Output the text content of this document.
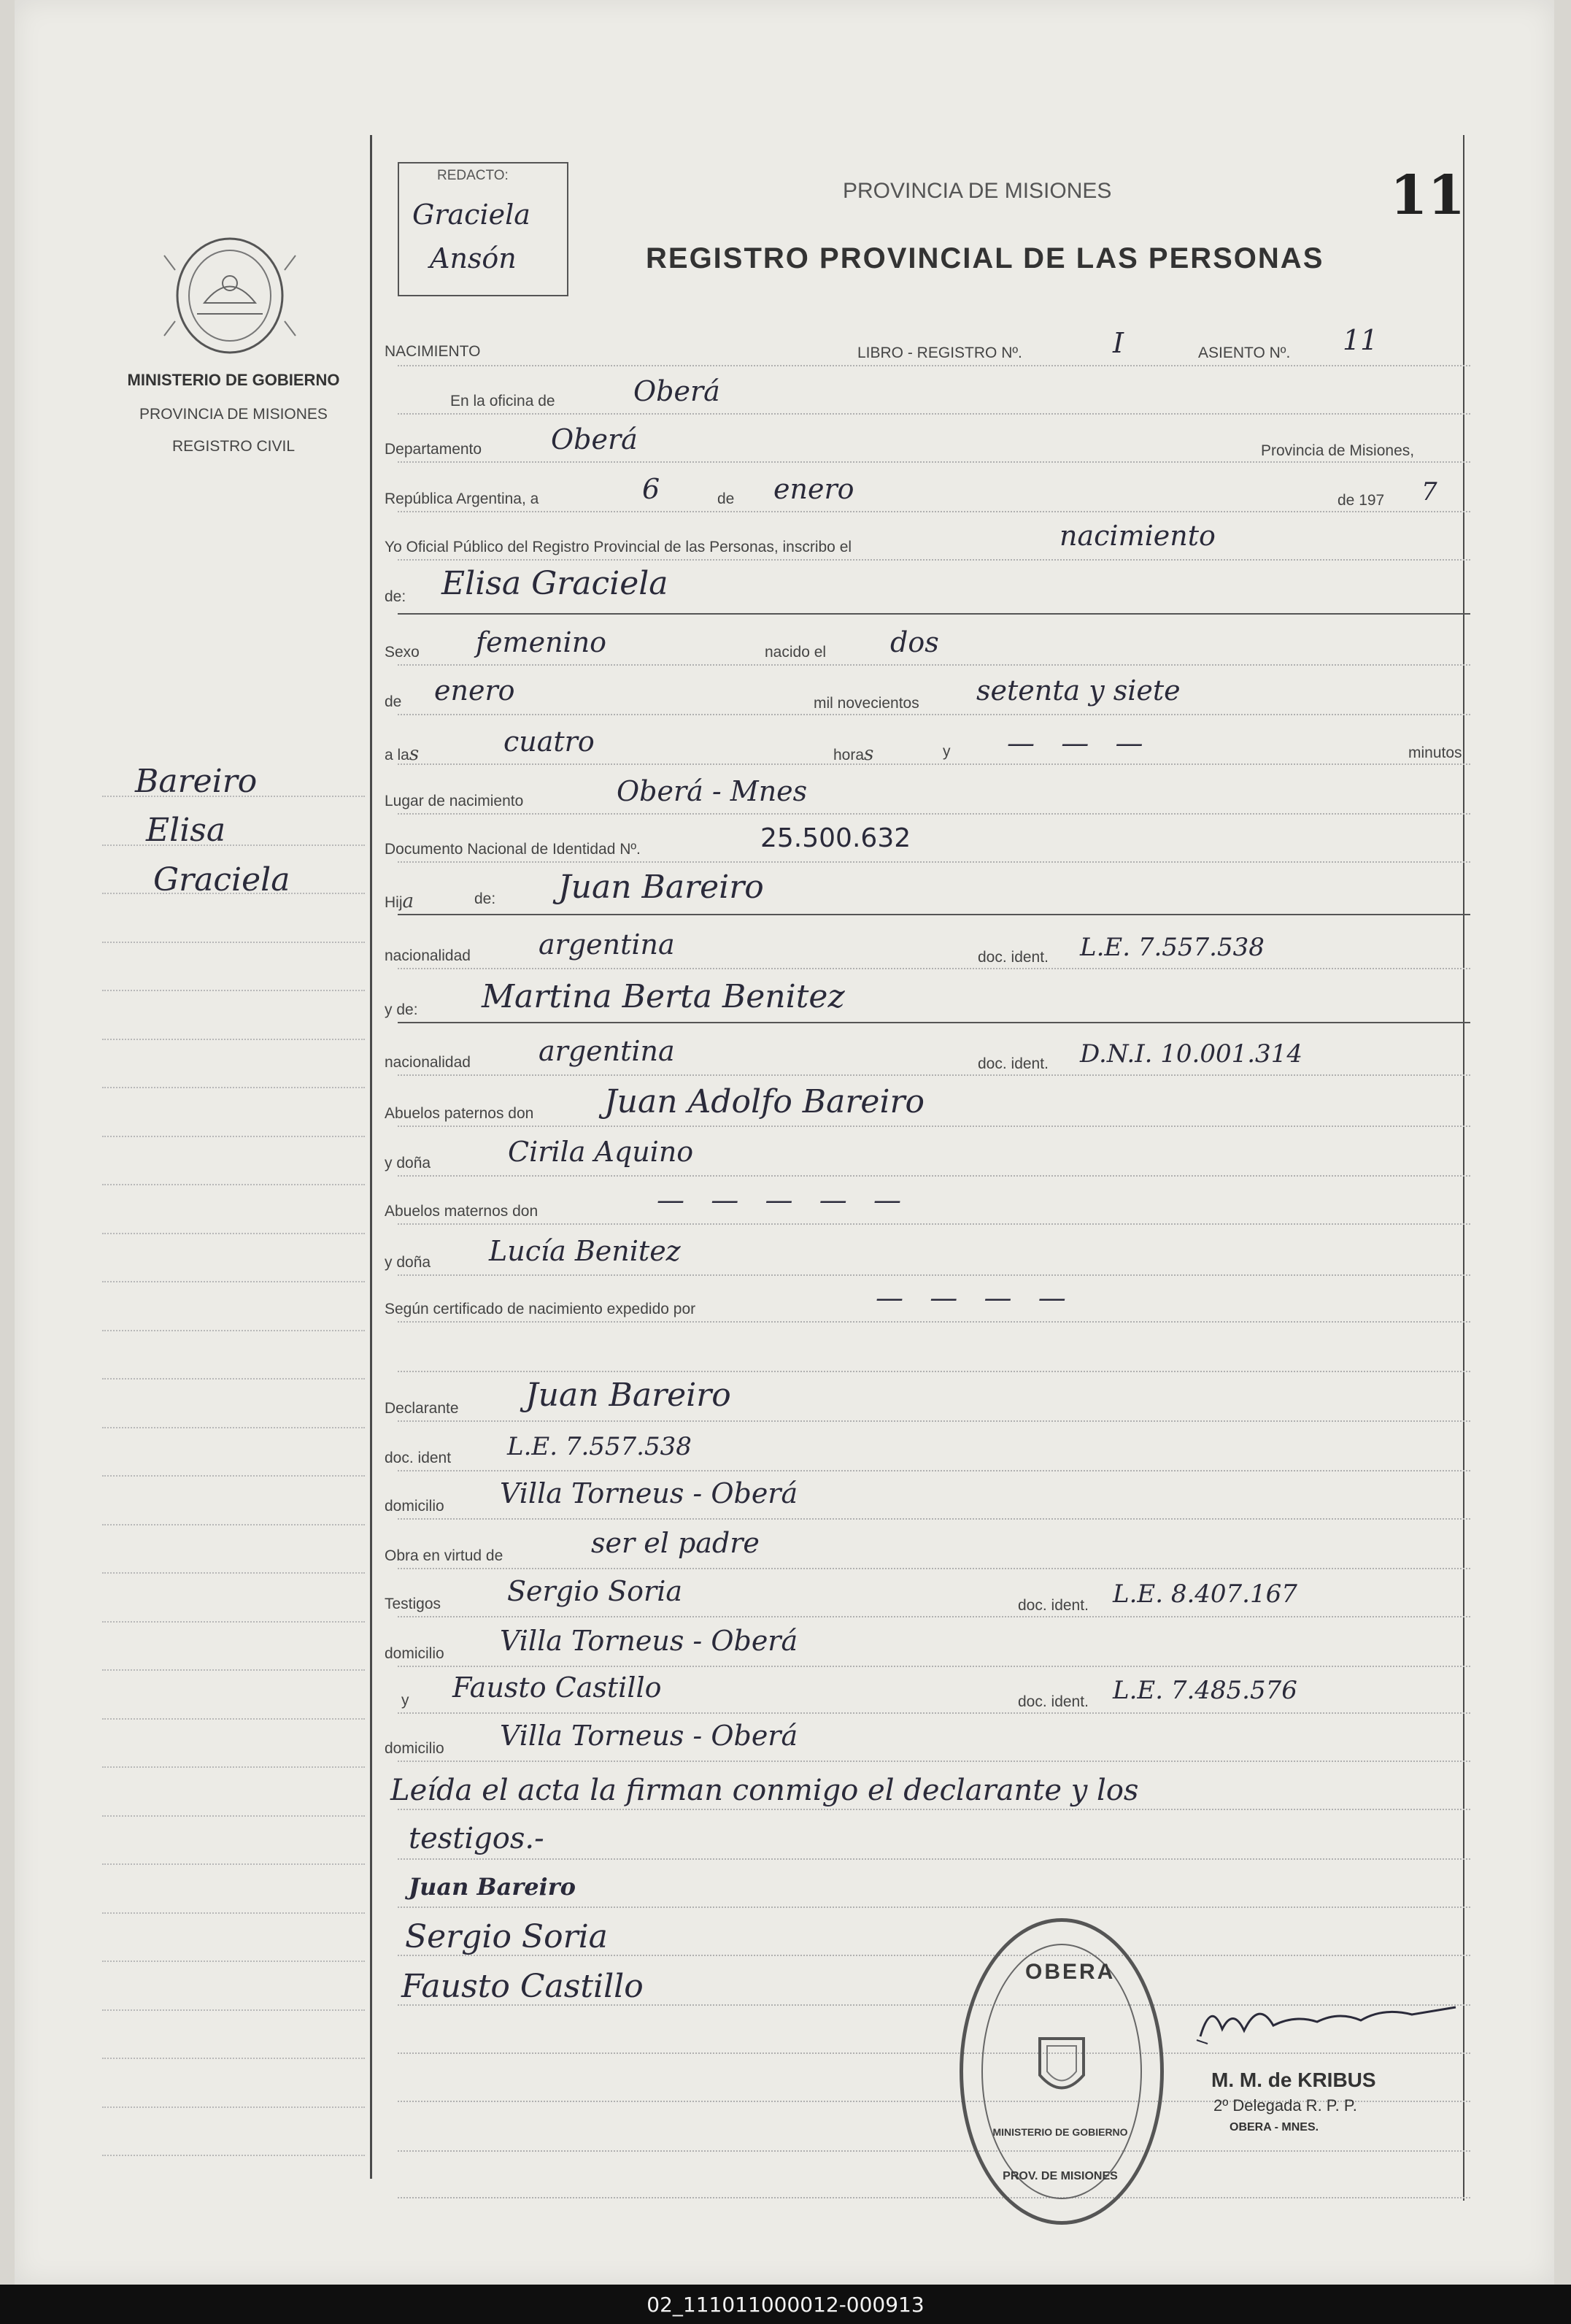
MINISTERIO DE GOBIERNO
PROVINCIA DE MISIONES
REGISTRO CIVIL
Bareiro
Elisa
Graciela
REDACTO:
Graciela
Ansón
PROVINCIA DE MISIONES
REGISTRO PROVINCIAL DE LAS PERSONAS
11
NACIMIENTO	LIBRO - REGISTRO Nº.	I	ASIENTO Nº. 11
En la oficina de	Oberá
Departamento Oberá	Provincia de Misiones,
República Argentina, a	6	de enero	de 197 7
Yo Oficial Público del Registro Provincial de las Personas, inscribo el	nacimiento
de: Elisa Graciela
Sexo femenino	nacido el dos
de enero	mil novecientos setenta y siete
a las	cuatro	horas	y —   —   —	minutos
Lugar de nacimiento	Oberá - Mnes
Documento Nacional de Identidad Nº.	25.500.632
Hija	de: Juan Bareiro
nacionalidad argentina	doc. ident. L.E. 7.557.538
y de: Martina Berta Benitez
nacionalidad argentina	doc. ident. D.N.I. 10.001.314
Abuelos paternos don Juan Adolfo Bareiro
y doña	Cirila Aquino
Abuelos maternos don	—   —   —   —   —
y doña Lucía Benitez
Según certificado de nacimiento expedido por	—   —   —   —
Declarante Juan Bareiro
doc. ident L.E. 7.557.538
domicilio Villa Torneus - Oberá
Obra en virtud de	ser el padre
Testigos Sergio Soria	doc. ident. L.E. 8.407.167
domicilio Villa Torneus - Oberá
y Fausto Castillo	doc. ident. L.E. 7.485.576
domicilio Villa Torneus - Oberá
Leída el acta la firman conmigo el declarante y los
testigos.-
Juan Bareiro
Sergio Soria
Fausto Castillo	OBERA
MINISTERIO DE GOBIERNO
PROV. DE MISIONES
M. M. de KRIBUS
2º Delegada R. P. P.
OBERA - MNES.
02_111011000012-000913
